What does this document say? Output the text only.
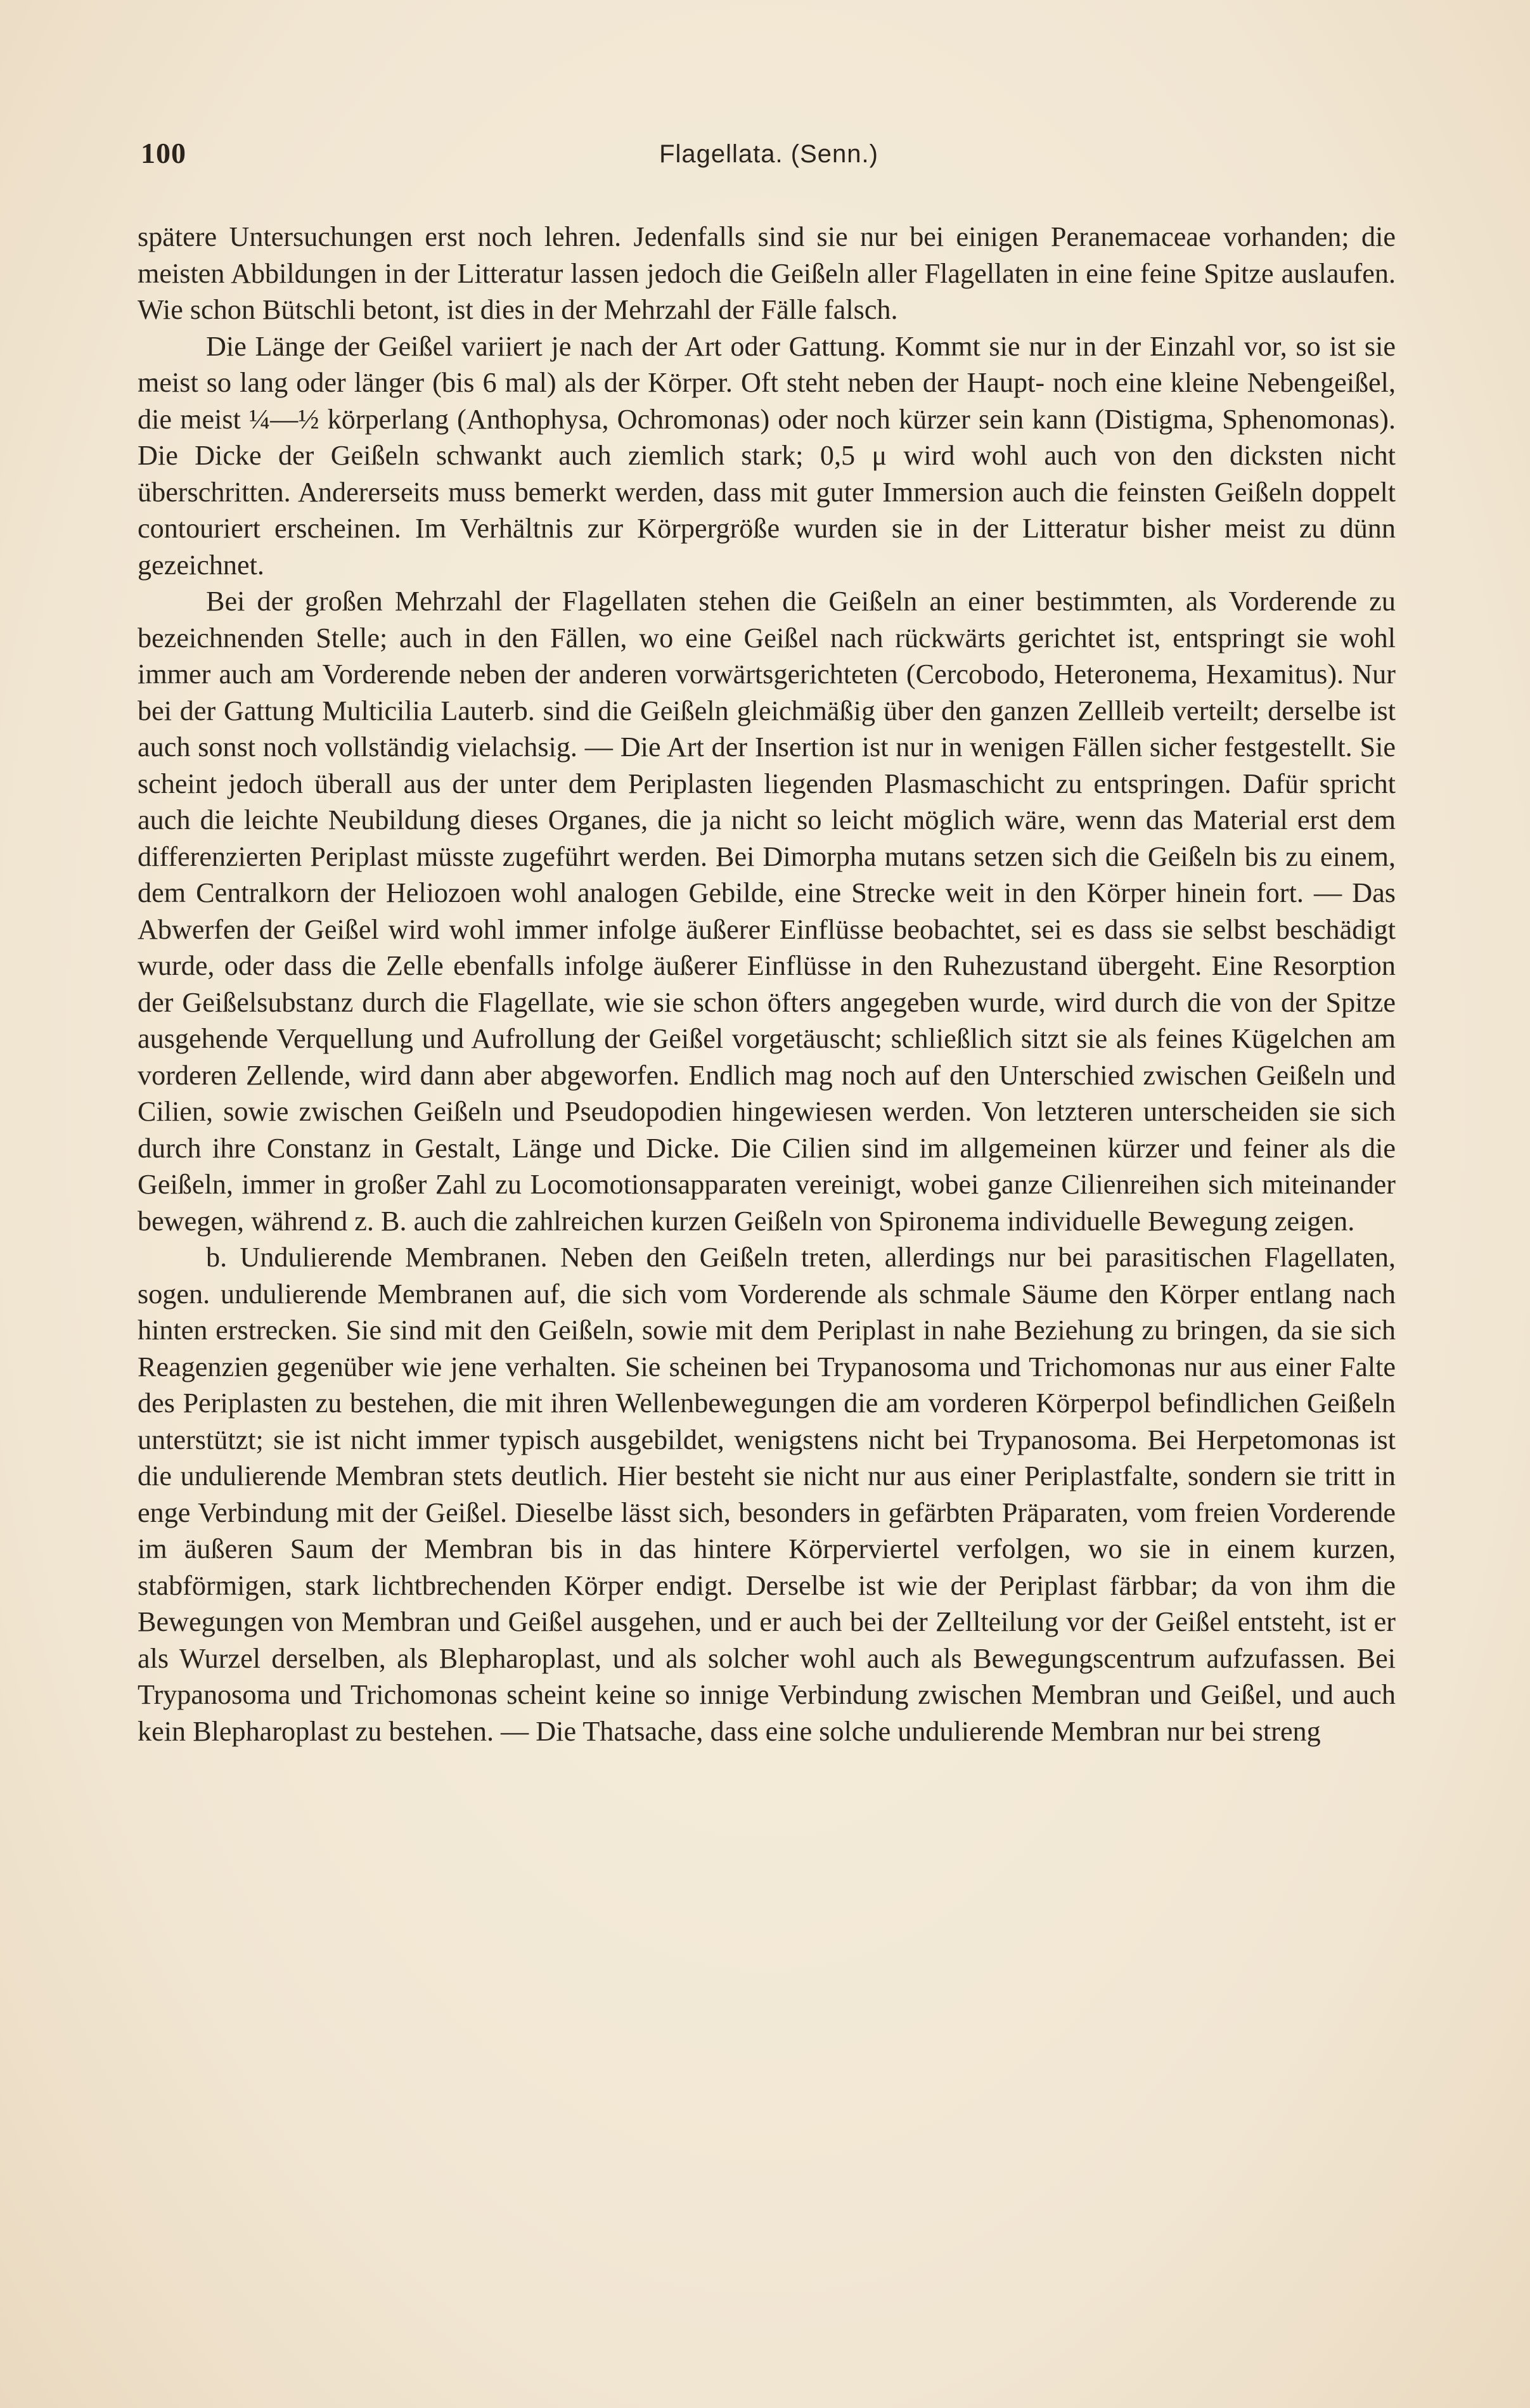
100	Flagellata. (Senn.)

spätere Untersuchungen erst noch lehren. Jedenfalls sind sie nur bei einigen Peranemaceae vorhanden; die meisten Abbildungen in der Litteratur lassen jedoch die Geißeln aller Flagellaten in eine feine Spitze auslaufen. Wie schon Bütschli betont, ist dies in der Mehrzahl der Fälle falsch.

Die Länge der Geißel variiert je nach der Art oder Gattung. Kommt sie nur in der Einzahl vor, so ist sie meist so lang oder länger (bis 6 mal) als der Körper. Oft steht neben der Haupt- noch eine kleine Nebengeißel, die meist ¼—½ körperlang (Anthophysa, Ochromonas) oder noch kürzer sein kann (Distigma, Sphenomonas). Die Dicke der Geißeln schwankt auch ziemlich stark; 0,5 μ wird wohl auch von den dicksten nicht überschritten. Andererseits muss bemerkt werden, dass mit guter Immersion auch die feinsten Geißeln doppelt contouriert erscheinen. Im Verhältnis zur Körpergröße wurden sie in der Litteratur bisher meist zu dünn gezeichnet.

Bei der großen Mehrzahl der Flagellaten stehen die Geißeln an einer bestimmten, als Vorderende zu bezeichnenden Stelle; auch in den Fällen, wo eine Geißel nach rückwärts gerichtet ist, entspringt sie wohl immer auch am Vorderende neben der anderen vorwärtsgerichteten (Cercobodo, Heteronema, Hexamitus). Nur bei der Gattung Multicilia Lauterb. sind die Geißeln gleichmäßig über den ganzen Zellleib verteilt; derselbe ist auch sonst noch vollständig vielachsig. — Die Art der Insertion ist nur in wenigen Fällen sicher festgestellt. Sie scheint jedoch überall aus der unter dem Periplasten liegenden Plasmaschicht zu entspringen. Dafür spricht auch die leichte Neubildung dieses Organes, die ja nicht so leicht möglich wäre, wenn das Material erst dem differenzierten Periplast müsste zugeführt werden. Bei Dimorpha mutans setzen sich die Geißeln bis zu einem, dem Centralkorn der Heliozoen wohl analogen Gebilde, eine Strecke weit in den Körper hinein fort. — Das Abwerfen der Geißel wird wohl immer infolge äußerer Einflüsse beobachtet, sei es dass sie selbst beschädigt wurde, oder dass die Zelle ebenfalls infolge äußerer Einflüsse in den Ruhezustand übergeht. Eine Resorption der Geißelsubstanz durch die Flagellate, wie sie schon öfters angegeben wurde, wird durch die von der Spitze ausgehende Verquellung und Aufrollung der Geißel vorgetäuscht; schließlich sitzt sie als feines Kügelchen am vorderen Zellende, wird dann aber abgeworfen. Endlich mag noch auf den Unterschied zwischen Geißeln und Cilien, sowie zwischen Geißeln und Pseudopodien hingewiesen werden. Von letzteren unterscheiden sie sich durch ihre Constanz in Gestalt, Länge und Dicke. Die Cilien sind im allgemeinen kürzer und feiner als die Geißeln, immer in großer Zahl zu Locomotionsapparaten vereinigt, wobei ganze Cilienreihen sich miteinander bewegen, während z. B. auch die zahlreichen kurzen Geißeln von Spironema individuelle Bewegung zeigen.

b. Undulierende Membranen. Neben den Geißeln treten, allerdings nur bei parasitischen Flagellaten, sogen. undulierende Membranen auf, die sich vom Vorderende als schmale Säume den Körper entlang nach hinten erstrecken. Sie sind mit den Geißeln, sowie mit dem Periplast in nahe Beziehung zu bringen, da sie sich Reagenzien gegenüber wie jene verhalten. Sie scheinen bei Trypanosoma und Trichomonas nur aus einer Falte des Periplasten zu bestehen, die mit ihren Wellenbewegungen die am vorderen Körperpol befindlichen Geißeln unterstützt; sie ist nicht immer typisch ausgebildet, wenigstens nicht bei Trypanosoma. Bei Herpetomonas ist die undulierende Membran stets deutlich. Hier besteht sie nicht nur aus einer Periplastfalte, sondern sie tritt in enge Verbindung mit der Geißel. Dieselbe lässt sich, besonders in gefärbten Präparaten, vom freien Vorderende im äußeren Saum der Membran bis in das hintere Körperviertel verfolgen, wo sie in einem kurzen, stabförmigen, stark lichtbrechenden Körper endigt. Derselbe ist wie der Periplast färbbar; da von ihm die Bewegungen von Membran und Geißel ausgehen, und er auch bei der Zellteilung vor der Geißel entsteht, ist er als Wurzel derselben, als Blepharoplast, und als solcher wohl auch als Bewegungscentrum aufzufassen. Bei Trypanosoma und Trichomonas scheint keine so innige Verbindung zwischen Membran und Geißel, und auch kein Blepharoplast zu bestehen. — Die Thatsache, dass eine solche undulierende Membran nur bei streng
